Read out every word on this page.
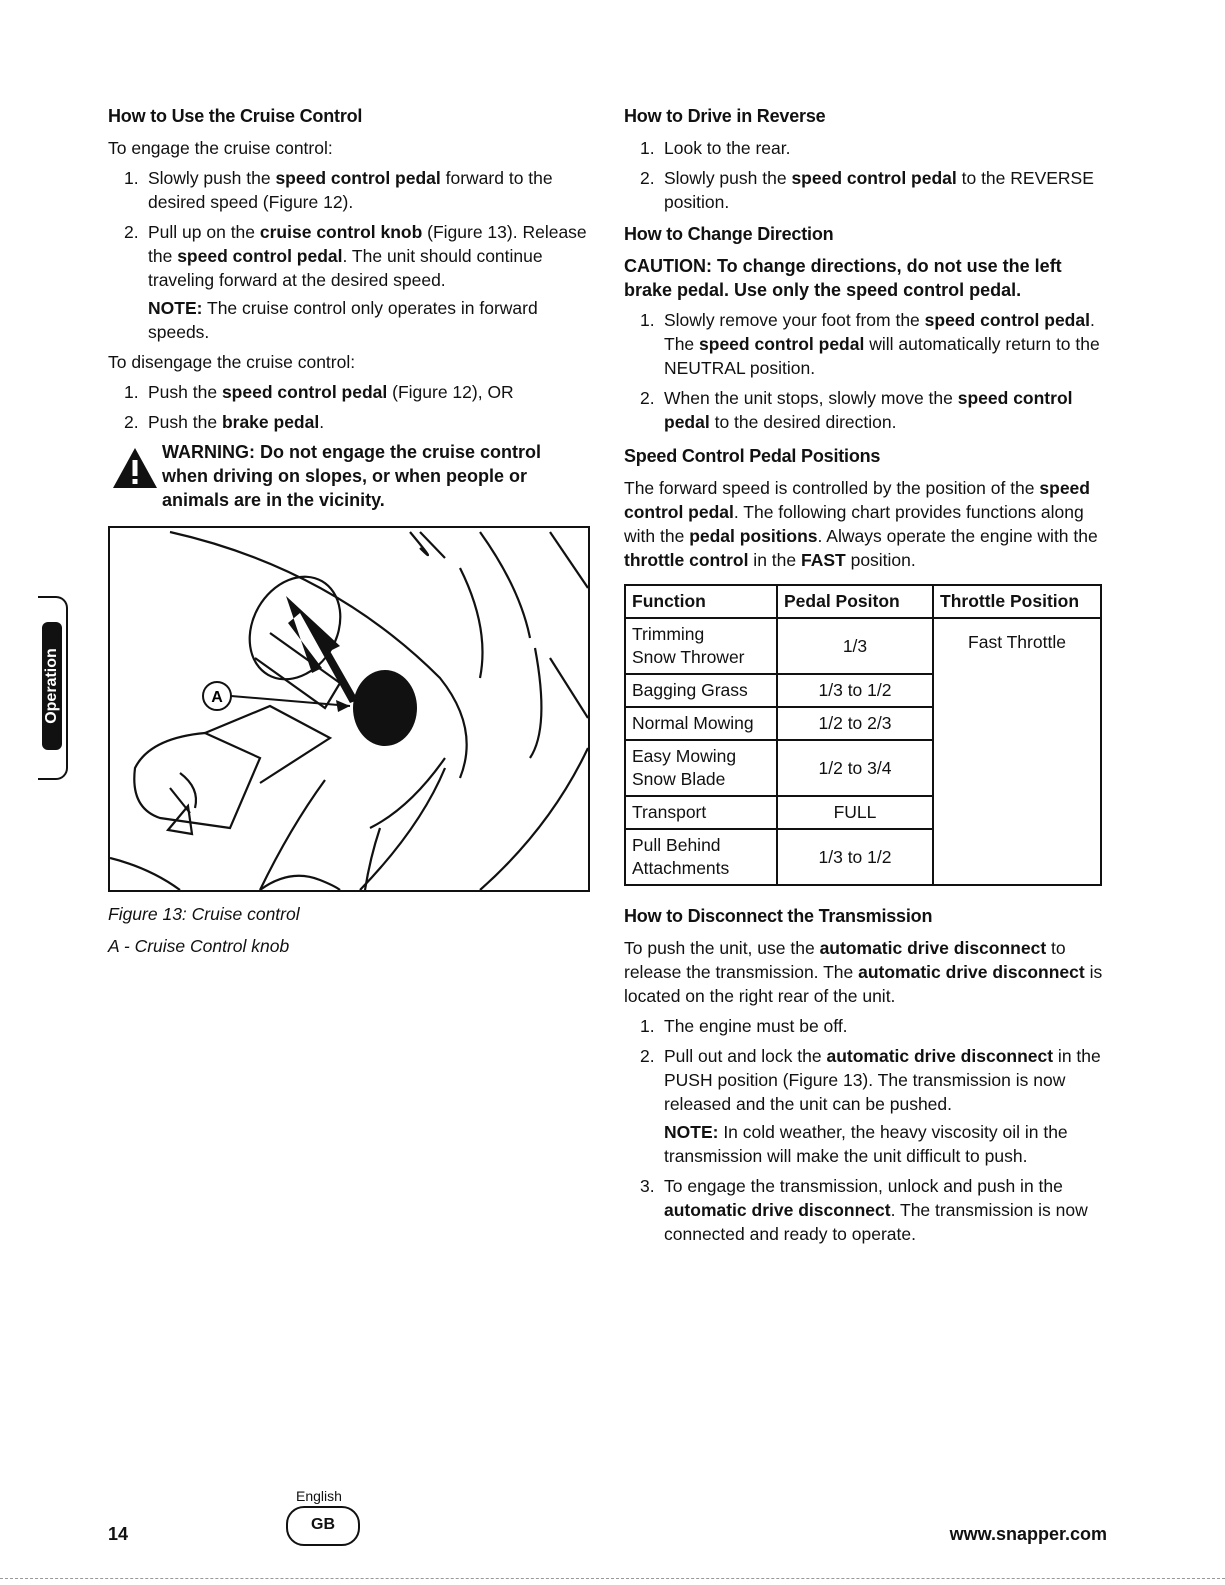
Operation
How to Use the Cruise Control

To engage the cruise control:

1. Slowly push the speed control pedal forward to the desired speed (Figure 12).
2. Pull up on the cruise control knob (Figure 13). Release the speed control pedal. The unit should continue traveling forward at the desired speed.

NOTE: The cruise control only operates in forward speeds.

To disengage the cruise control:

1. Push the speed control pedal (Figure 12), OR
2. Push the brake pedal.
WARNING: Do not engage the cruise control when driving on slopes, or when people or animals are in the vicinity.
A
Figure 13: Cruise control
A - Cruise Control knob
How to Drive in Reverse
1. Look to the rear.
2. Slowly push the speed control pedal to the REVERSE position.
How to Change Direction
CAUTION: To change directions, do not use the left brake pedal. Use only the speed control pedal.
1. Slowly remove your foot from the speed control pedal. The speed control pedal will automatically return to the NEUTRAL position.
2. When the unit stops, slowly move the speed control pedal to the desired direction.
Speed Control Pedal Positions

The forward speed is controlled by the position of the speed control pedal. The following chart provides functions along with the pedal positions. Always operate the engine with the throttle control in the FAST position.

Function	Pedal Positon	Throttle Position
Trimming
Snow Thrower	1/3	Fast Throttle
Bagging Grass	1/3 to 1/2	
Normal Mowing	1/2 to 2/3	
Easy Mowing
Snow Blade	1/2 to 3/4	
Transport	FULL	
Pull Behind
Attachments	1/3 to 1/2	
How to Disconnect the Transmission

To push the unit, use the automatic drive disconnect to release the transmission. The automatic drive disconnect is located on the right rear of the unit.

1. The engine must be off.
2. Pull out and lock the automatic drive disconnect in the PUSH position (Figure 13). The transmission is now released and the unit can be pushed.

NOTE: In cold weather, the heavy viscosity oil in the transmission will make the unit difficult to push.

3. To engage the transmission, unlock and push in the automatic drive disconnect. The transmission is now connected and ready to operate.
14
English
GB	www.snapper.com
